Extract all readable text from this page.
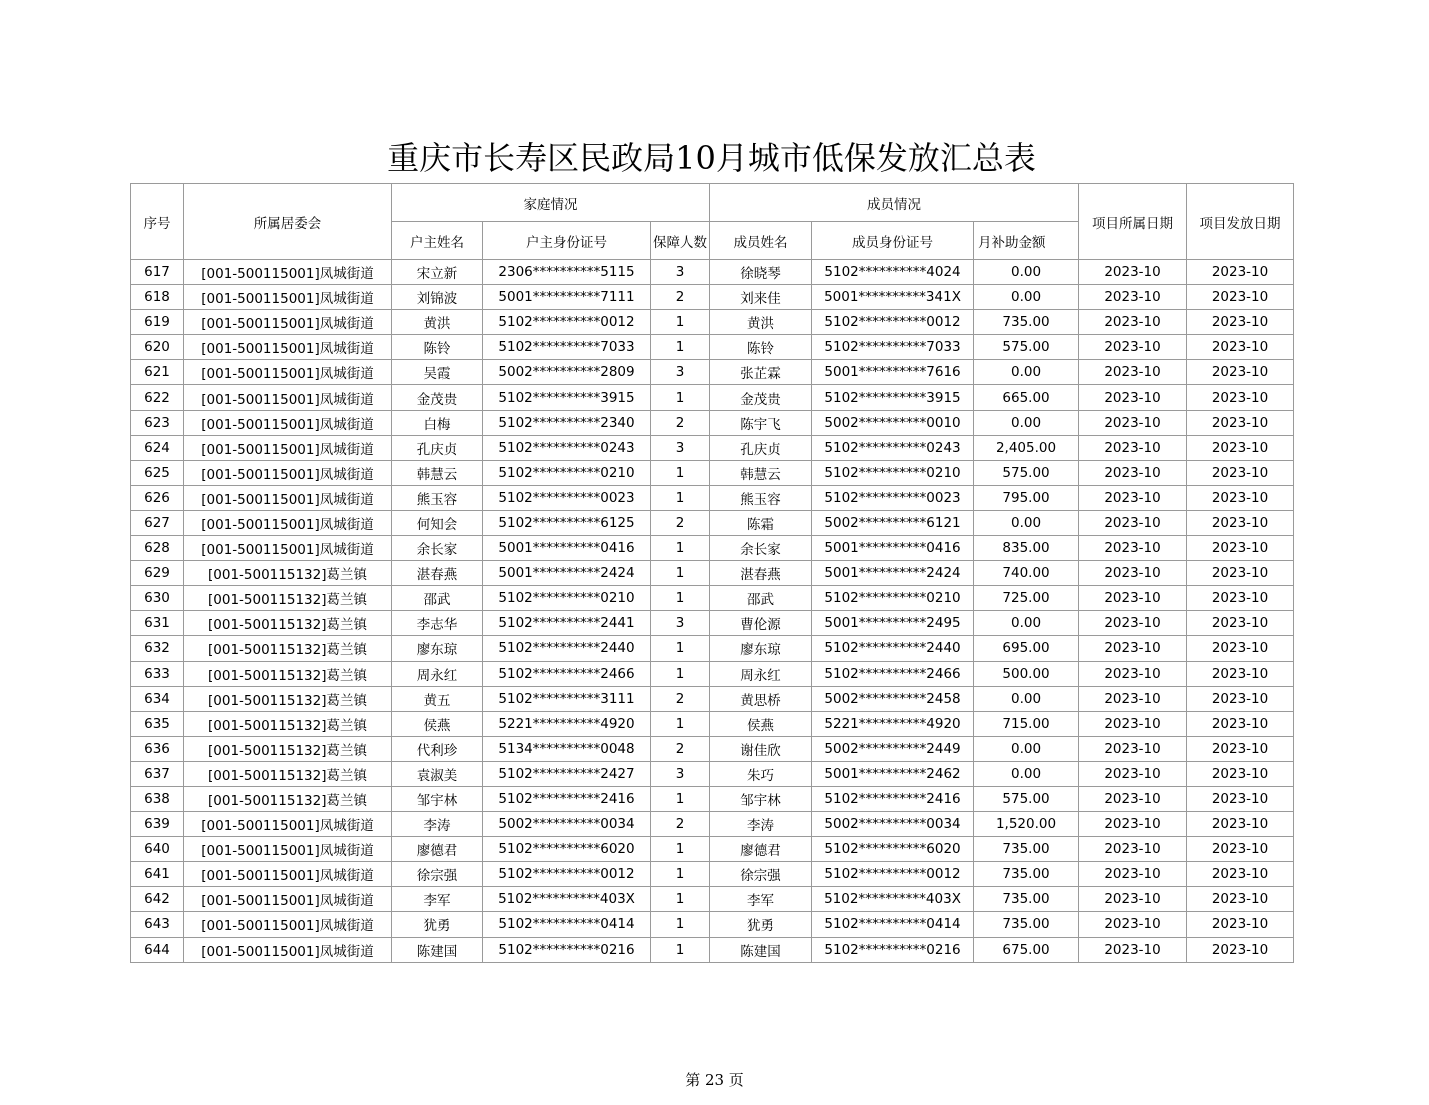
重庆市长寿区民政局10月城市低保发放汇总表
序号	所属居委会	家庭情况			成员情况			项目所属日期	项目发放日期
		户主姓名	户主身份证号	保障人数	成员姓名	成员身份证号	月补助金额		
617	[001-500115001]凤城街道	宋立新	2306**********5115	3	徐晓琴	5102**********4024	0.00	2023-10	2023-10
618	[001-500115001]凤城街道	刘锦波	5001**********7111	2	刘来佳	5001**********341X	0.00	2023-10	2023-10
619	[001-500115001]凤城街道	黄洪	5102**********0012	1	黄洪	5102**********0012	735.00	2023-10	2023-10
620	[001-500115001]凤城街道	陈铃	5102**********7033	1	陈铃	5102**********7033	575.00	2023-10	2023-10
621	[001-500115001]凤城街道	吴霞	5002**********2809	3	张芷霖	5001**********7616	0.00	2023-10	2023-10
622	[001-500115001]凤城街道	金茂贵	5102**********3915	1	金茂贵	5102**********3915	665.00	2023-10	2023-10
623	[001-500115001]凤城街道	白梅	5102**********2340	2	陈宇飞	5002**********0010	0.00	2023-10	2023-10
624	[001-500115001]凤城街道	孔庆贞	5102**********0243	3	孔庆贞	5102**********0243	2,405.00	2023-10	2023-10
625	[001-500115001]凤城街道	韩慧云	5102**********0210	1	韩慧云	5102**********0210	575.00	2023-10	2023-10
626	[001-500115001]凤城街道	熊玉容	5102**********0023	1	熊玉容	5102**********0023	795.00	2023-10	2023-10
627	[001-500115001]凤城街道	何知会	5102**********6125	2	陈霜	5002**********6121	0.00	2023-10	2023-10
628	[001-500115001]凤城街道	余长家	5001**********0416	1	余长家	5001**********0416	835.00	2023-10	2023-10
629	[001-500115132]葛兰镇	湛春燕	5001**********2424	1	湛春燕	5001**********2424	740.00	2023-10	2023-10
630	[001-500115132]葛兰镇	邵武	5102**********0210	1	邵武	5102**********0210	725.00	2023-10	2023-10
631	[001-500115132]葛兰镇	李志华	5102**********2441	3	曹伦源	5001**********2495	0.00	2023-10	2023-10
632	[001-500115132]葛兰镇	廖东琼	5102**********2440	1	廖东琼	5102**********2440	695.00	2023-10	2023-10
633	[001-500115132]葛兰镇	周永红	5102**********2466	1	周永红	5102**********2466	500.00	2023-10	2023-10
634	[001-500115132]葛兰镇	黄五	5102**********3111	2	黄思桥	5002**********2458	0.00	2023-10	2023-10
635	[001-500115132]葛兰镇	侯燕	5221**********4920	1	侯燕	5221**********4920	715.00	2023-10	2023-10
636	[001-500115132]葛兰镇	代利珍	5134**********0048	2	谢佳欣	5002**********2449	0.00	2023-10	2023-10
637	[001-500115132]葛兰镇	袁淑美	5102**********2427	3	朱巧	5001**********2462	0.00	2023-10	2023-10
638	[001-500115132]葛兰镇	邹宇林	5102**********2416	1	邹宇林	5102**********2416	575.00	2023-10	2023-10
639	[001-500115001]凤城街道	李涛	5002**********0034	2	李涛	5002**********0034	1,520.00	2023-10	2023-10
640	[001-500115001]凤城街道	廖德君	5102**********6020	1	廖德君	5102**********6020	735.00	2023-10	2023-10
641	[001-500115001]凤城街道	徐宗强	5102**********0012	1	徐宗强	5102**********0012	735.00	2023-10	2023-10
642	[001-500115001]凤城街道	李军	5102**********403X	1	李军	5102**********403X	735.00	2023-10	2023-10
643	[001-500115001]凤城街道	犹勇	5102**********0414	1	犹勇	5102**********0414	735.00	2023-10	2023-10
644	[001-500115001]凤城街道	陈建国	5102**********0216	1	陈建国	5102**********0216	675.00	2023-10	2023-10
第 23 页
